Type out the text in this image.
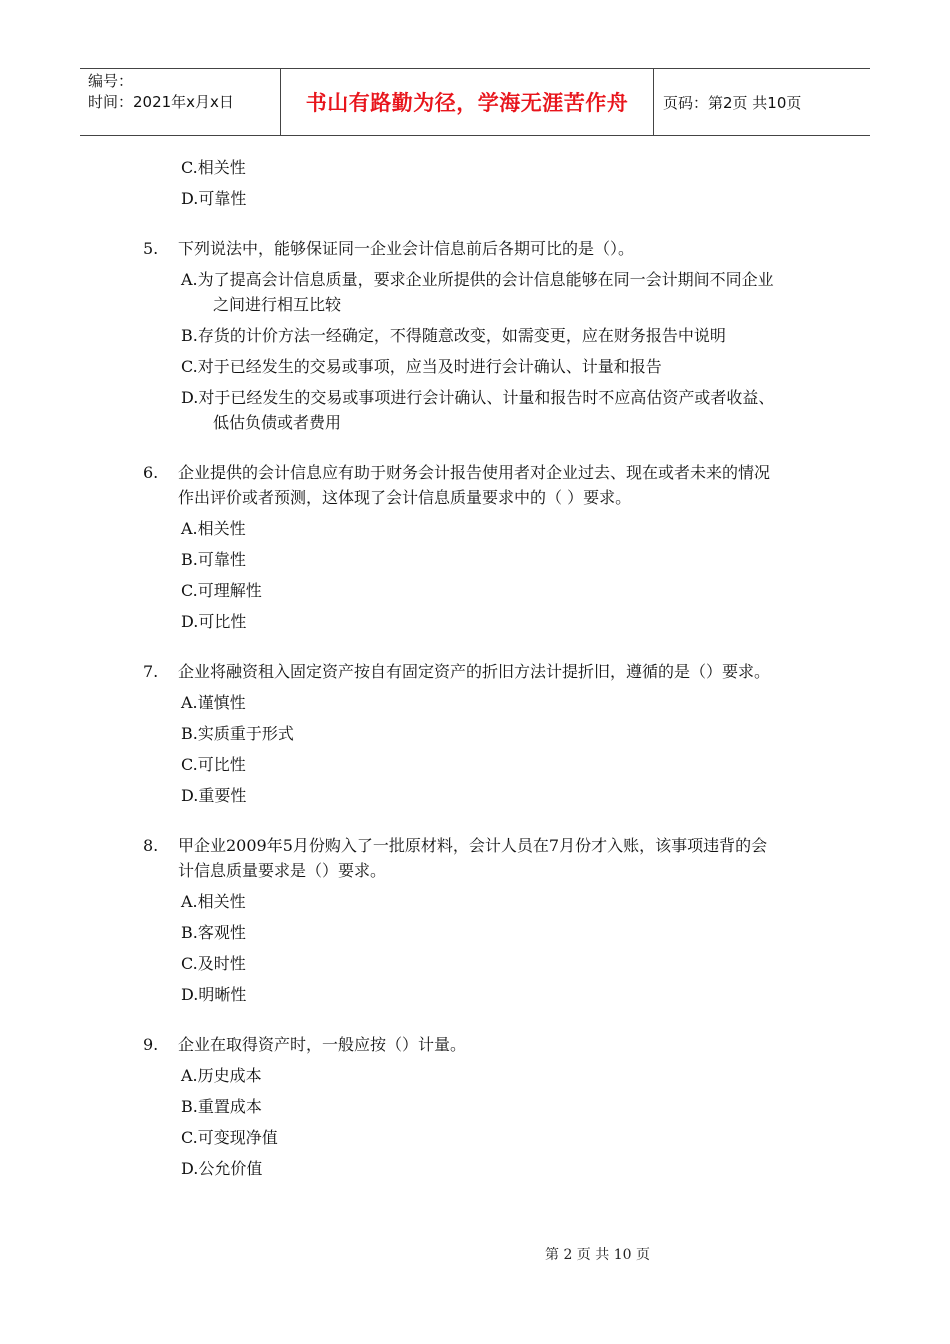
编号：
时间：2021年x月x日	书山有路勤为径，学海无涯苦作舟	页码：第2页 共10页
C.相关性
D.可靠性
5.	下列说法中，能够保证同一企业会计信息前后各期可比的是（）。
A.为了提高会计信息质量，要求企业所提供的会计信息能够在同一会计期间不同企业
之间进行相互比较
B.存货的计价方法一经确定，不得随意改变，如需变更，应在财务报告中说明
C.对于已经发生的交易或事项，应当及时进行会计确认、计量和报告
D.对于已经发生的交易或事项进行会计确认、计量和报告时不应高估资产或者收益、
低估负债或者费用
6.	企业提供的会计信息应有助于财务会计报告使用者对企业过去、现在或者未来的情况
作出评价或者预测，这体现了会计信息质量要求中的（ ）要求。
A.相关性
B.可靠性
C.可理解性
D.可比性
7.	企业将融资租入固定资产按自有固定资产的折旧方法计提折旧，遵循的是（）要求。
A.谨慎性
B.实质重于形式
C.可比性
D.重要性
8.	甲企业2009年5月份购入了一批原材料，会计人员在7月份才入账，该事项违背的会
计信息质量要求是（）要求。
A.相关性
B.客观性
C.及时性
D.明晰性
9.	企业在取得资产时，一般应按（）计量。
A.历史成本
B.重置成本
C.可变现净值
D.公允价值
第 2 页 共 10 页
